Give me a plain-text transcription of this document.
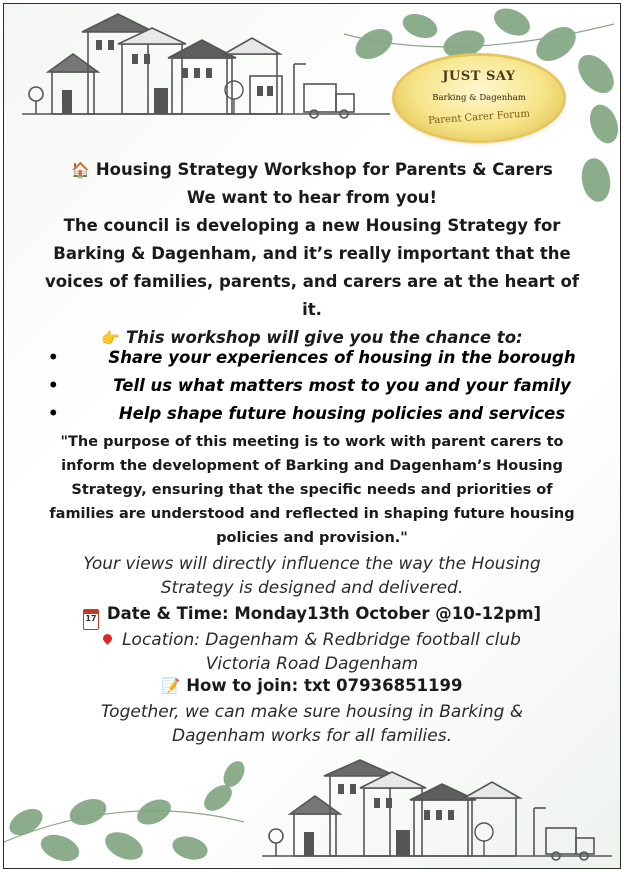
JUST SAY
Barking & Dagenham
Parent Carer Forum
🏠 Housing Strategy Workshop for Parents & Carers
We want to hear from you!
The council is developing a new Housing Strategy for
Barking & Dagenham, and it’s really important that the
voices of families, parents, and carers are at the heart of
it.
👉 This workshop will give you the chance to:
•	Share your experiences of housing in the borough
•	Tell us what matters most to you and your family
•	Help shape future housing policies and services
"The purpose of this meeting is to work with parent carers to
inform the development of Barking and Dagenham’s Housing
Strategy, ensuring that the specific needs and priorities of
families are understood and reflected in shaping future housing
policies and provision."
Your views will directly influence the way the Housing
Strategy is designed and delivered.
17 Date & Time: Monday13th October @10-12pm]
Location: Dagenham & Redbridge football club
Victoria Road Dagenham
📝 How to join: txt 07936851199
Together, we can make sure housing in Barking &
Dagenham works for all families.
